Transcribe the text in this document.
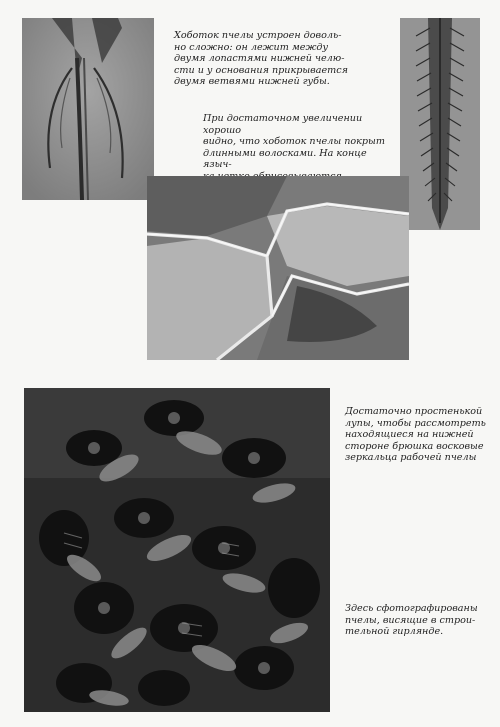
Хоботок пчелы устроен доволь-
но сложно: он лежит между
двумя лопастями нижней челю-
сти и у основания прикрывается
двумя ветвями нижней губы.

При достаточном увеличении хорошо
видно, что хоботок пчелы покрыт
длинными волосками. На конце языч-

Достаточно простенькой
лупы, чтобы рассмотреть
находящиеся на нижней
стороне брюшка восковые
зеркальца рабочей пчелы

Здесь сфотографированы
пчелы, висящие в строи-
тельной гирлянде.
